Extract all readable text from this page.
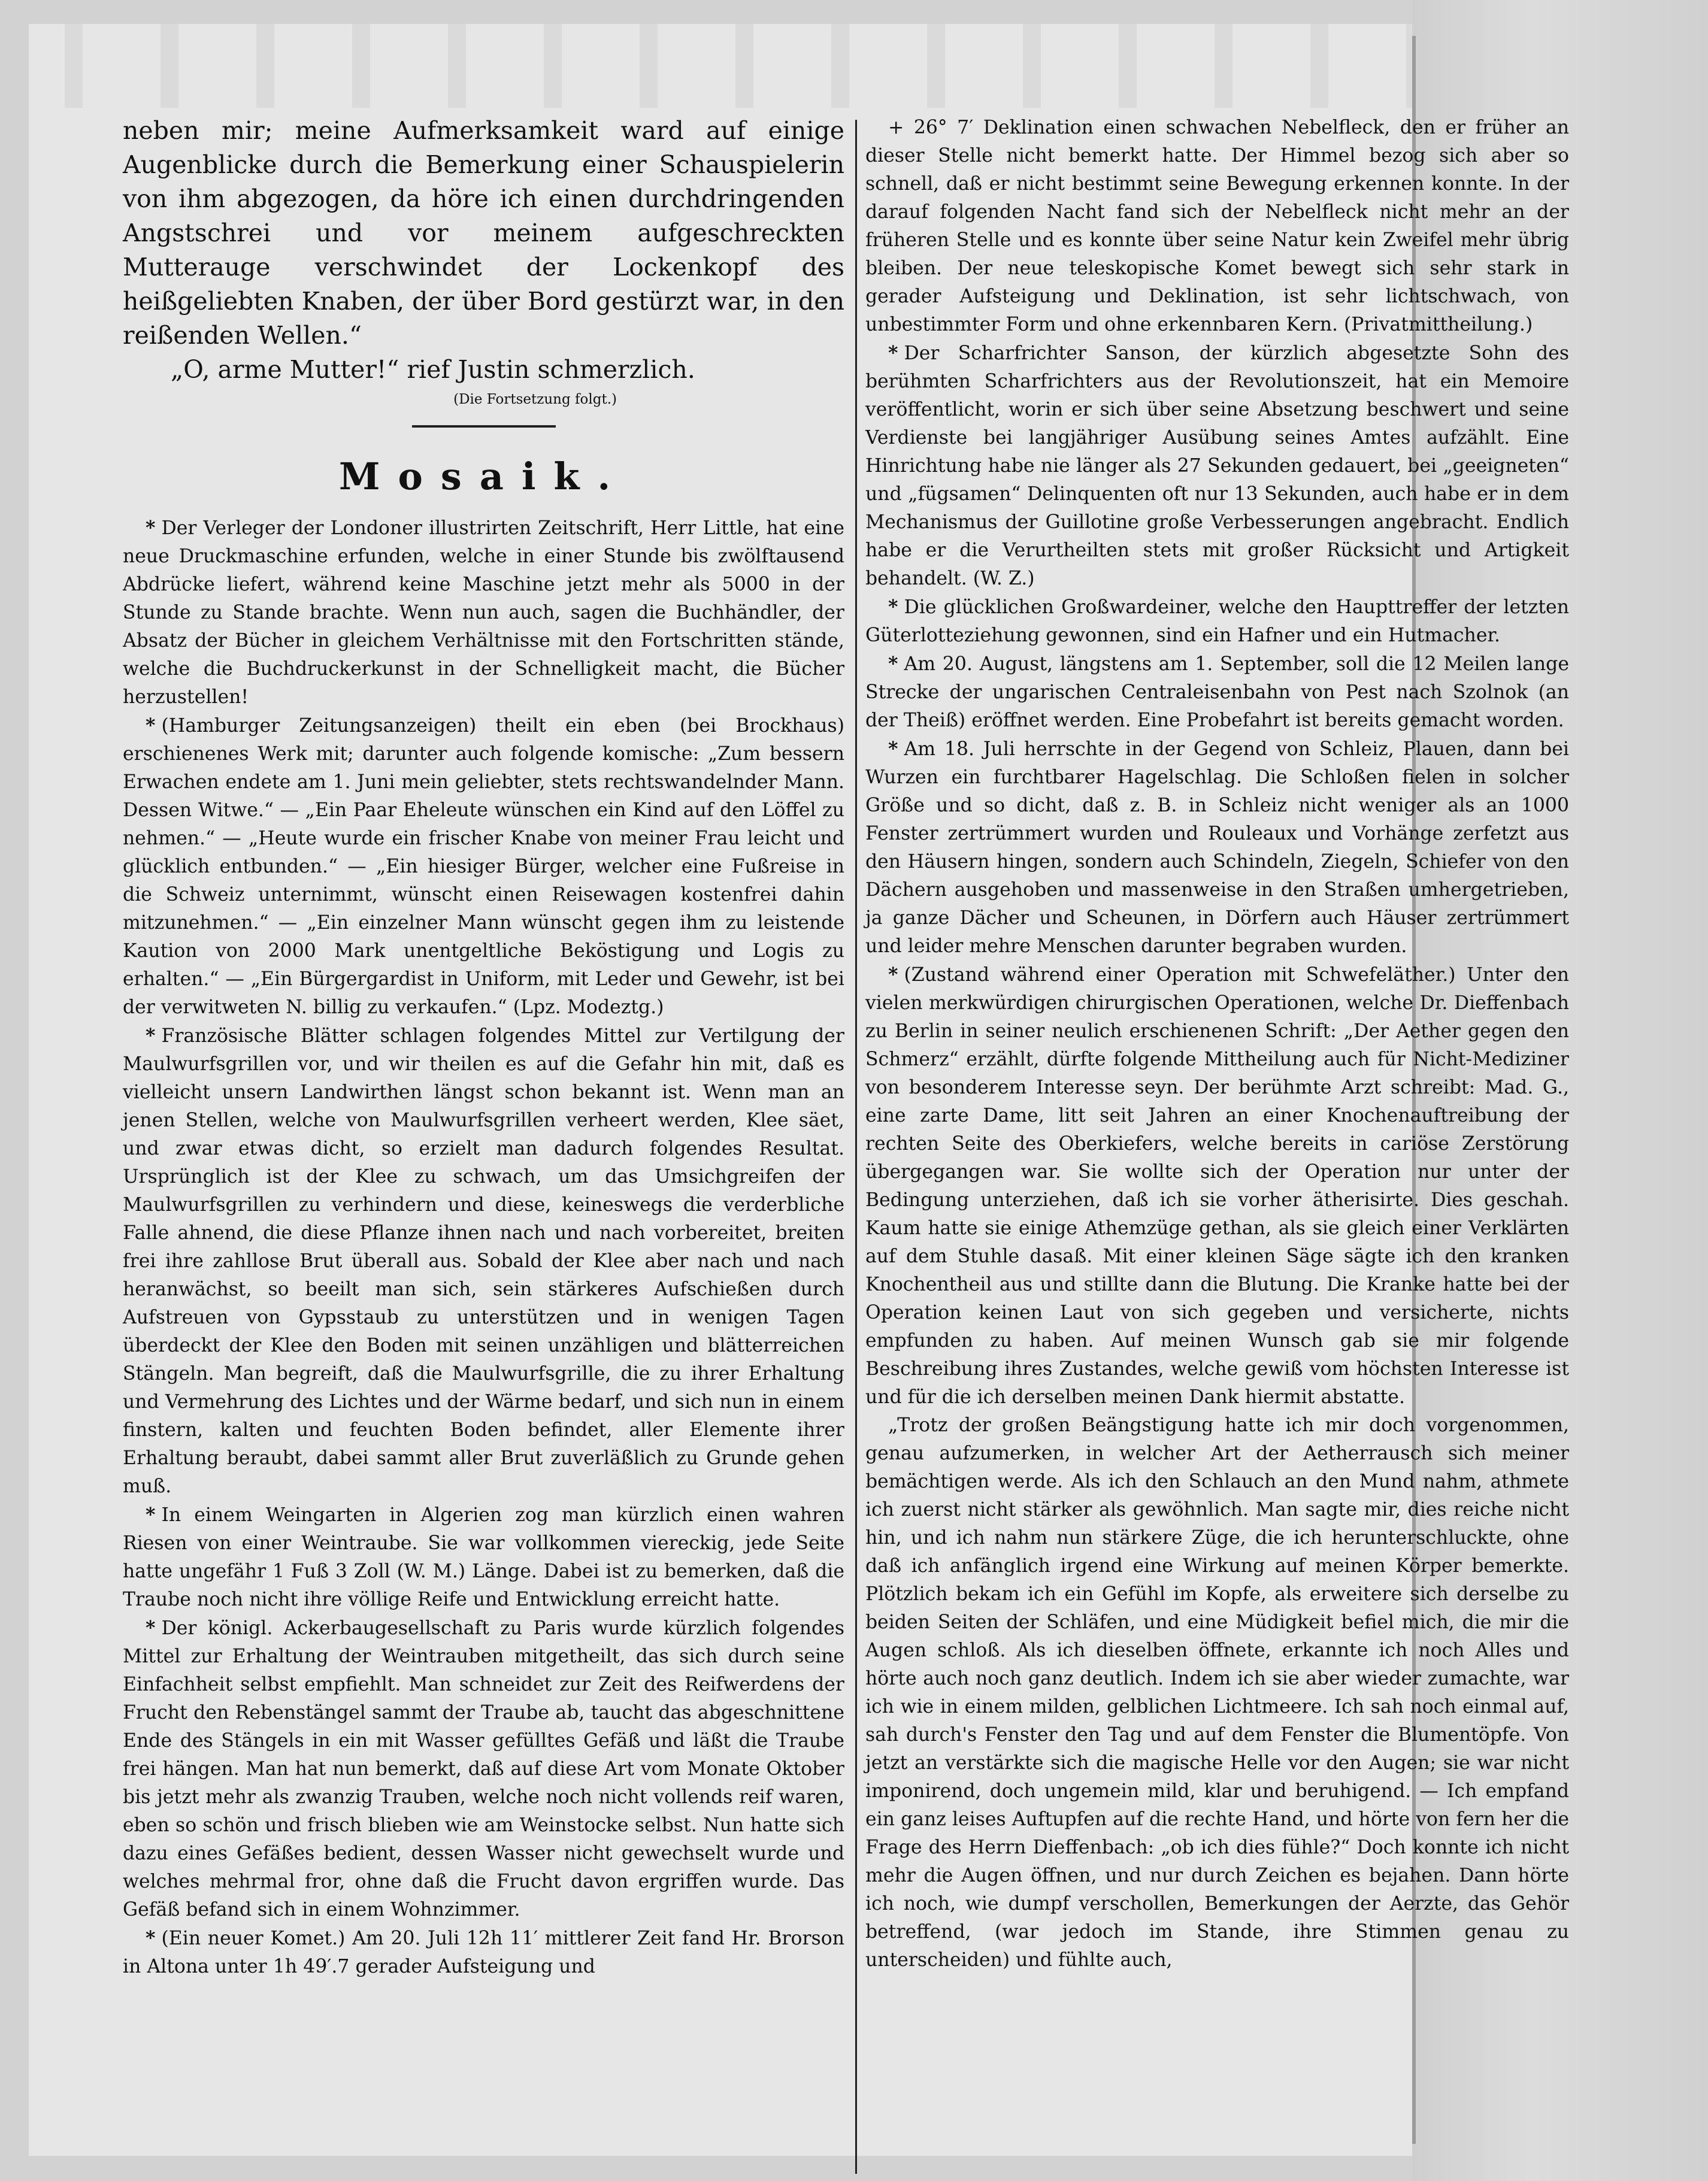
neben mir; meine Aufmerksamkeit ward auf einige Augenblicke durch die Bemerkung einer Schauspielerin von ihm abgezogen, da höre ich einen durchdringenden Angstschrei und vor meinem aufgeschreckten Mutterauge verschwindet der Lockenkopf des heißgeliebten Knaben, der über Bord gestürzt war, in den reißenden Wellen.“

„O, arme Mutter!“ rief Justin schmerzlich.

(Die Fortsetzung folgt.)

Mosaik.

* Der Verleger der Londoner illustrirten Zeitschrift, Herr Little, hat eine neue Druckmaschine erfunden, welche in einer Stunde bis zwölftausend Abdrücke liefert, während keine Maschine jetzt mehr als 5000 in der Stunde zu Stande brachte. Wenn nun auch, sagen die Buchhändler, der Absatz der Bücher in gleichem Verhältnisse mit den Fortschritten stände, welche die Buchdruckerkunst in der Schnelligkeit macht, die Bücher herzustellen!

* (Hamburger Zeitungsanzeigen) theilt ein eben (bei Brockhaus) erschienenes Werk mit; darunter auch folgende komische: „Zum bessern Erwachen endete am 1. Juni mein geliebter, stets rechtswandelnder Mann. Dessen Witwe.“ — „Ein Paar Eheleute wünschen ein Kind auf den Löffel zu nehmen.“ — „Heute wurde ein frischer Knabe von meiner Frau leicht und glücklich entbunden.“ — „Ein hiesiger Bürger, welcher eine Fußreise in die Schweiz unternimmt, wünscht einen Reisewagen kostenfrei dahin mitzunehmen.“ — „Ein einzelner Mann wünscht gegen ihm zu leistende Kaution von 2000 Mark unentgeltliche Beköstigung und Logis zu erhalten.“ — „Ein Bürgergardist in Uniform, mit Leder und Gewehr, ist bei der verwitweten N. billig zu verkaufen.“ (Lpz. Modeztg.)

* Französische Blätter schlagen folgendes Mittel zur Vertilgung der Maulwurfsgrillen vor, und wir theilen es auf die Gefahr hin mit, daß es vielleicht unsern Landwirthen längst schon bekannt ist. Wenn man an jenen Stellen, welche von Maulwurfsgrillen verheert werden, Klee säet, und zwar etwas dicht, so erzielt man dadurch folgendes Resultat. Ursprünglich ist der Klee zu schwach, um das Umsichgreifen der Maulwurfsgrillen zu verhindern und diese, keineswegs die verderbliche Falle ahnend, die diese Pflanze ihnen nach und nach vorbereitet, breiten frei ihre zahllose Brut überall aus. Sobald der Klee aber nach und nach heranwächst, so beeilt man sich, sein stärkeres Aufschießen durch Aufstreuen von Gypsstaub zu unterstützen und in wenigen Tagen überdeckt der Klee den Boden mit seinen unzähligen und blätterreichen Stängeln. Man begreift, daß die Maulwurfsgrille, die zu ihrer Erhaltung und Vermehrung des Lichtes und der Wärme bedarf, und sich nun in einem finstern, kalten und feuchten Boden befindet, aller Elemente ihrer Erhaltung beraubt, dabei sammt aller Brut zuverläßlich zu Grunde gehen muß.

* In einem Weingarten in Algerien zog man kürzlich einen wahren Riesen von einer Weintraube. Sie war vollkommen viereckig, jede Seite hatte ungefähr 1 Fuß 3 Zoll (W. M.) Länge. Dabei ist zu bemerken, daß die Traube noch nicht ihre völlige Reife und Entwicklung erreicht hatte.

* Der königl. Ackerbaugesellschaft zu Paris wurde kürzlich folgendes Mittel zur Erhaltung der Weintrauben mitgetheilt, das sich durch seine Einfachheit selbst empfiehlt. Man schneidet zur Zeit des Reifwerdens der Frucht den Rebenstängel sammt der Traube ab, taucht das abgeschnittene Ende des Stängels in ein mit Wasser gefülltes Gefäß und läßt die Traube frei hängen. Man hat nun bemerkt, daß auf diese Art vom Monate Oktober bis jetzt mehr als zwanzig Trauben, welche noch nicht vollends reif waren, eben so schön und frisch blieben wie am Weinstocke selbst. Nun hatte sich dazu eines Gefäßes bedient, dessen Wasser nicht gewechselt wurde und welches mehrmal fror, ohne daß die Frucht davon ergriffen wurde. Das Gefäß befand sich in einem Wohnzimmer.

* (Ein neuer Komet.) Am 20. Juli 12h 11′ mittlerer Zeit fand Hr. Brorson in Altona unter 1h 49′.7 gerader Aufsteigung und

+ 26° 7′ Deklination einen schwachen Nebelfleck, den er früher an dieser Stelle nicht bemerkt hatte. Der Himmel bezog sich aber so schnell, daß er nicht bestimmt seine Bewegung erkennen konnte. In der darauf folgenden Nacht fand sich der Nebelfleck nicht mehr an der früheren Stelle und es konnte über seine Natur kein Zweifel mehr übrig bleiben. Der neue teleskopische Komet bewegt sich sehr stark in gerader Aufsteigung und Deklination, ist sehr lichtschwach, von unbestimmter Form und ohne erkennbaren Kern. (Privatmittheilung.)

* Der Scharfrichter Sanson, der kürzlich abgesetzte Sohn des berühmten Scharfrichters aus der Revolutionszeit, hat ein Memoire veröffentlicht, worin er sich über seine Absetzung beschwert und seine Verdienste bei langjähriger Ausübung seines Amtes aufzählt. Eine Hinrichtung habe nie länger als 27 Sekunden gedauert, bei „geeigneten“ und „fügsamen“ Delinquenten oft nur 13 Sekunden, auch habe er in dem Mechanismus der Guillotine große Verbesserungen angebracht. Endlich habe er die Verurtheilten stets mit großer Rücksicht und Artigkeit behandelt. (W. Z.)

* Die glücklichen Großwardeiner, welche den Haupttreffer der letzten Güterlotteziehung gewonnen, sind ein Hafner und ein Hutmacher.

* Am 20. August, längstens am 1. September, soll die 12 Meilen lange Strecke der ungarischen Centraleisenbahn von Pest nach Szolnok (an der Theiß) eröffnet werden. Eine Probefahrt ist bereits gemacht worden.

* Am 18. Juli herrschte in der Gegend von Schleiz, Plauen, dann bei Wurzen ein furchtbarer Hagelschlag. Die Schloßen fielen in solcher Größe und so dicht, daß z. B. in Schleiz nicht weniger als an 1000 Fenster zertrümmert wurden und Rouleaux und Vorhänge zerfetzt aus den Häusern hingen, sondern auch Schindeln, Ziegeln, Schiefer von den Dächern ausgehoben und massenweise in den Straßen umhergetrieben, ja ganze Dächer und Scheunen, in Dörfern auch Häuser zertrümmert und leider mehre Menschen darunter begraben wurden.

* (Zustand während einer Operation mit Schwefeläther.) Unter den vielen merkwürdigen chirurgischen Operationen, welche Dr. Dieffenbach zu Berlin in seiner neulich erschienenen Schrift: „Der Aether gegen den Schmerz“ erzählt, dürfte folgende Mittheilung auch für Nicht-Mediziner von besonderem Interesse seyn. Der berühmte Arzt schreibt: Mad. G., eine zarte Dame, litt seit Jahren an einer Knochenauftreibung der rechten Seite des Oberkiefers, welche bereits in cariöse Zerstörung übergegangen war. Sie wollte sich der Operation nur unter der Bedingung unterziehen, daß ich sie vorher ätherisirte. Dies geschah. Kaum hatte sie einige Athemzüge gethan, als sie gleich einer Verklärten auf dem Stuhle dasaß. Mit einer kleinen Säge sägte ich den kranken Knochentheil aus und stillte dann die Blutung. Die Kranke hatte bei der Operation keinen Laut von sich gegeben und versicherte, nichts empfunden zu haben. Auf meinen Wunsch gab sie mir folgende Beschreibung ihres Zustandes, welche gewiß vom höchsten Interesse ist und für die ich derselben meinen Dank hiermit abstatte.

„Trotz der großen Beängstigung hatte ich mir doch vorgenommen, genau aufzumerken, in welcher Art der Aetherrausch sich meiner bemächtigen werde. Als ich den Schlauch an den Mund nahm, athmete ich zuerst nicht stärker als gewöhnlich. Man sagte mir, dies reiche nicht hin, und ich nahm nun stärkere Züge, die ich herunterschluckte, ohne daß ich anfänglich irgend eine Wirkung auf meinen Körper bemerkte. Plötzlich bekam ich ein Gefühl im Kopfe, als erweitere sich derselbe zu beiden Seiten der Schläfen, und eine Müdigkeit befiel mich, die mir die Augen schloß. Als ich dieselben öffnete, erkannte ich noch Alles und hörte auch noch ganz deutlich. Indem ich sie aber wieder zumachte, war ich wie in einem milden, gelblichen Lichtmeere. Ich sah noch einmal auf, sah durch's Fenster den Tag und auf dem Fenster die Blumentöpfe. Von jetzt an verstärkte sich die magische Helle vor den Augen; sie war nicht imponirend, doch ungemein mild, klar und beruhigend. — Ich empfand ein ganz leises Auftupfen auf die rechte Hand, und hörte von fern her die Frage des Herrn Dieffenbach: „ob ich dies fühle?“ Doch konnte ich nicht mehr die Augen öffnen, und nur durch Zeichen es bejahen. Dann hörte ich noch, wie dumpf verschollen, Bemerkungen der Aerzte, das Gehör betreffend, (war jedoch im Stande, ihre Stimmen genau zu unterscheiden) und fühlte auch,
